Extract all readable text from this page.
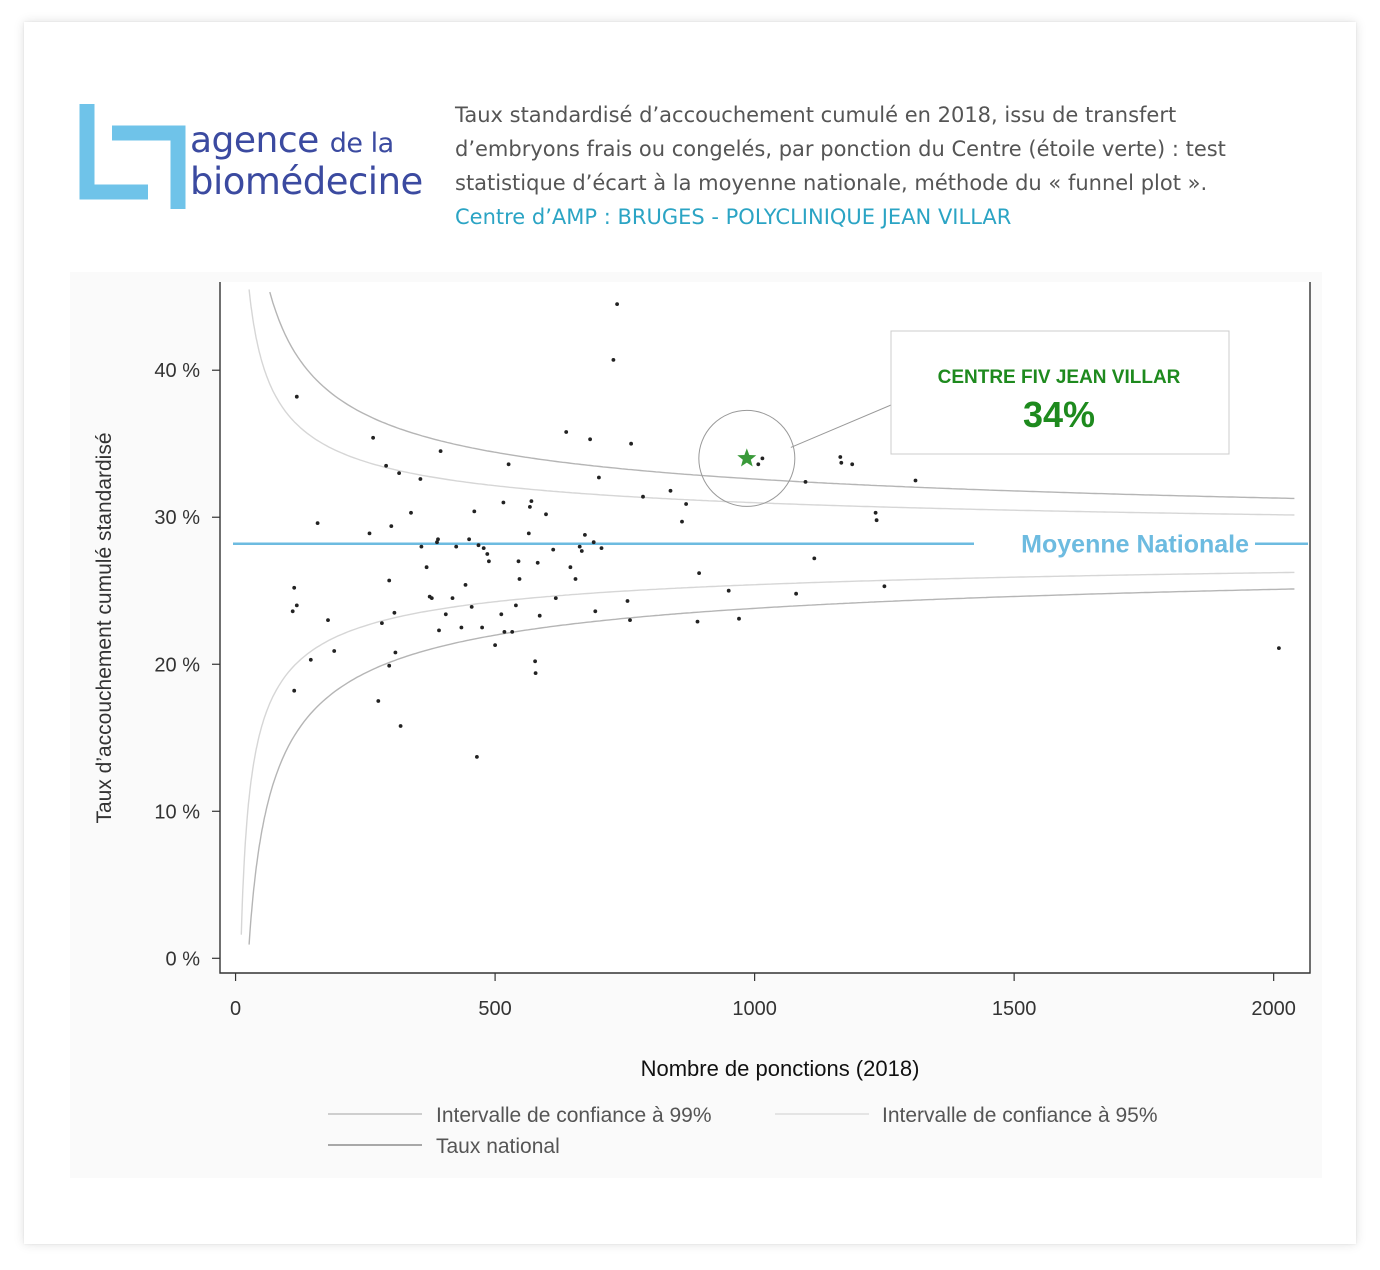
agence de la
biomédecine

Taux standardisé d’accouchement cumulé en 2018, issu de transfert d’embryons frais ou congelés, par ponction du Centre (étoile verte) : test statistique d’écart à la moyenne nationale, méthode du « funnel plot ».

Centre d’AMP : BRUGES - POLYCLINIQUE JEAN VILLAR

0	500	1000	1500	2000
0 %
10 %
20 %
30 %
40 %
Moyenne Nationale
CENTRE FIV JEAN VILLAR
34%
Taux d’accouchement cumulé standardisé
Nombre de ponctions (2018)
Intervalle de confiance à 99%	Intervalle de confiance à 95%
Taux national
